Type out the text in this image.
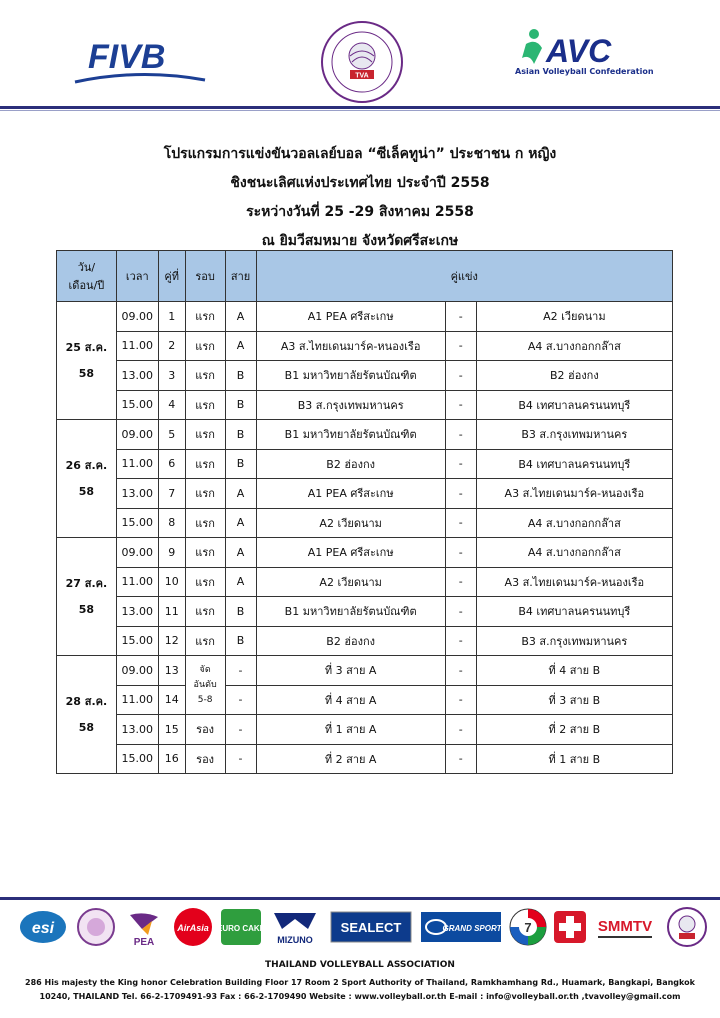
FIVB	TVA
AVC
Asian Volleyball Confederation
โปรแกรมการแข่งขันวอลเลย์บอล “ซีเล็คทูน่า” ประชาชน ก หญิง
ชิงชนะเลิศแห่งประเทศไทย ประจำปี 2558
ระหว่างวันที่ 25 -29 สิงหาคม 2558
ณ ยิมวีสมหมาย จังหวัดศรีสะเกษ
วัน/
เดือน/ปี	เวลา	คู่ที่	รอบ	สาย	คู่แข่ง		
25 ส.ค.
58	09.00	1	แรก	A	A1 PEA ศรีสะเกษ	-	A2 เวียดนาม
	11.00	2	แรก	A	A3 ส.ไทยเดนมาร์ค-หนองเรือ	-	A4 ส.บางกอกกล๊าส
	13.00	3	แรก	B	B1 มหาวิทยาลัยรัตนบัณฑิต	-	B2 ฮ่องกง
	15.00	4	แรก	B	B3 ส.กรุงเทพมหานคร	-	B4 เทศบาลนครนนทบุรี
26 ส.ค.
58	09.00	5	แรก	B	B1 มหาวิทยาลัยรัตนบัณฑิต	-	B3 ส.กรุงเทพมหานคร
	11.00	6	แรก	B	B2 ฮ่องกง	-	B4 เทศบาลนครนนทบุรี
	13.00	7	แรก	A	A1 PEA ศรีสะเกษ	-	A3 ส.ไทยเดนมาร์ค-หนองเรือ
	15.00	8	แรก	A	A2 เวียดนาม	-	A4 ส.บางกอกกล๊าส
27 ส.ค.
58	09.00	9	แรก	A	A1 PEA ศรีสะเกษ	-	A4 ส.บางกอกกล๊าส
	11.00	10	แรก	A	A2 เวียดนาม	-	A3 ส.ไทยเดนมาร์ค-หนองเรือ
	13.00	11	แรก	B	B1 มหาวิทยาลัยรัตนบัณฑิต	-	B4 เทศบาลนครนนทบุรี
	15.00	12	แรก	B	B2 ฮ่องกง	-	B3 ส.กรุงเทพมหานคร
28 ส.ค.
58	09.00	13	จัด
อันดับ
5-8	-	ที่ 3 สาย A	-	ที่ 4 สาย B
	11.00	14		-	ที่ 4 สาย A	-	ที่ 3 สาย B
	13.00	15	รอง	-	ที่ 1 สาย A	-	ที่ 2 สาย B
	15.00	16	รอง	-	ที่ 2 สาย A	-	ที่ 1 สาย B
esi
PEA
AirAsia EURO CAKE
MIZUNO
SEALECT	GRAND SPORT 7	SMMTV
THAILAND VOLLEYBALL ASSOCIATION
286 His majesty the King honor Celebration Building Floor 17 Room 2 Sport Authority of Thailand, Ramkhamhang Rd., Huamark, Bangkapi, Bangkok
10240, THAILAND Tel. 66-2-1709491-93 Fax : 66-2-1709490 Website : www.volleyball.or.th E-mail : info@volleyball.or.th ,tvavolley@gmail.com
